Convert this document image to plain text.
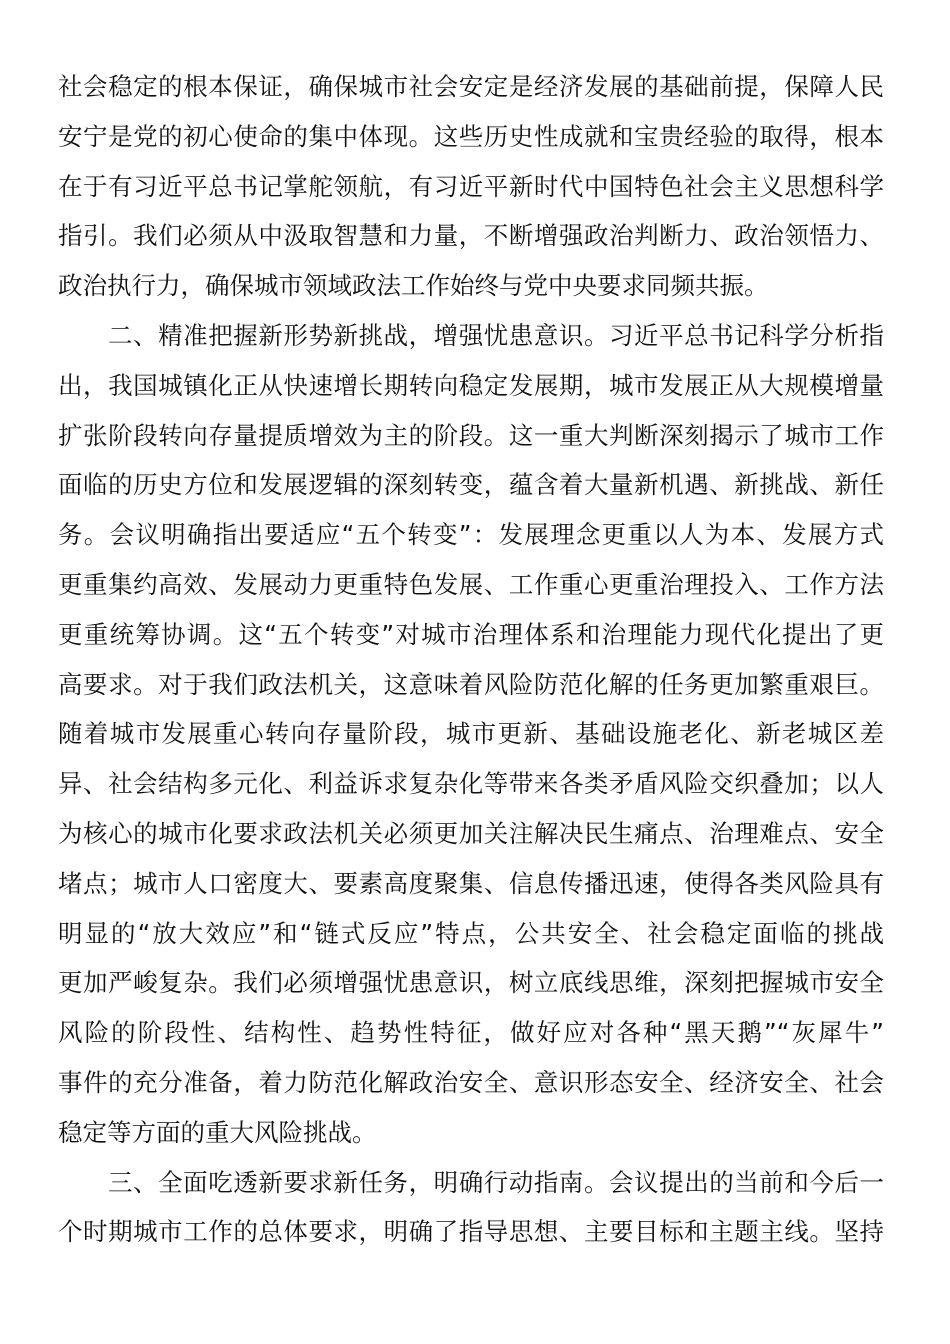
社会稳定的根本保证，确保城市社会安定是经济发展的基础前提，保障人民
安宁是党的初心使命的集中体现。这些历史性成就和宝贵经验的取得，根本
在于有习近平总书记掌舵领航，有习近平新时代中国特色社会主义思想科学
指引。我们必须从中汲取智慧和力量，不断增强政治判断力、政治领悟力、
政治执行力，确保城市领域政法工作始终与党中央要求同频共振。
二、精准把握新形势新挑战，增强忧患意识。习近平总书记科学分析指
出，我国城镇化正从快速增长期转向稳定发展期，城市发展正从大规模增量
扩张阶段转向存量提质增效为主的阶段。这一重大判断深刻揭示了城市工作
面临的历史方位和发展逻辑的深刻转变，蕴含着大量新机遇、新挑战、新任
务。会议明确指出要适应“五个转变”：发展理念更重以人为本、发展方式
更重集约高效、发展动力更重特色发展、工作重心更重治理投入、工作方法
更重统筹协调。这“五个转变”对城市治理体系和治理能力现代化提出了更
高要求。对于我们政法机关，这意味着风险防范化解的任务更加繁重艰巨。
随着城市发展重心转向存量阶段，城市更新、基础设施老化、新老城区差
异、社会结构多元化、利益诉求复杂化等带来各类矛盾风险交织叠加；以人
为核心的城市化要求政法机关必须更加关注解决民生痛点、治理难点、安全
堵点；城市人口密度大、要素高度聚集、信息传播迅速，使得各类风险具有
明显的“放大效应”和“链式反应”特点，公共安全、社会稳定面临的挑战
更加严峻复杂。我们必须增强忧患意识，树立底线思维，深刻把握城市安全
风险的阶段性、结构性、趋势性特征，做好应对各种“黑天鹅”“灰犀牛”
事件的充分准备，着力防范化解政治安全、意识形态安全、经济安全、社会
稳定等方面的重大风险挑战。
三、全面吃透新要求新任务，明确行动指南。会议提出的当前和今后一
个时期城市工作的总体要求，明确了指导思想、主要目标和主题主线。坚持
